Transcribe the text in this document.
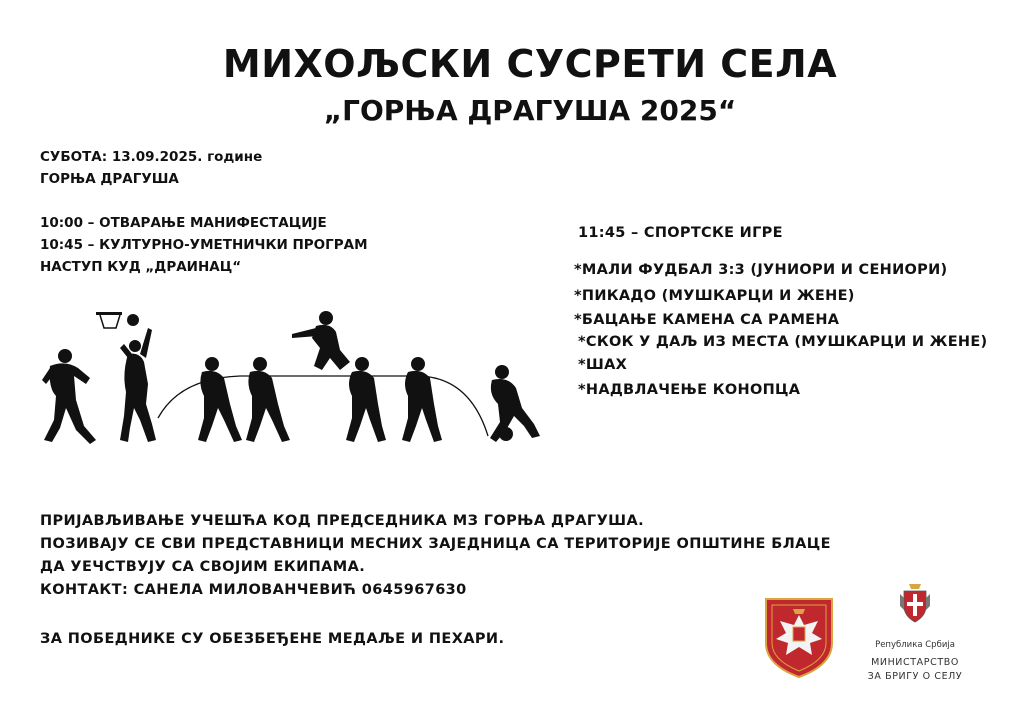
МИХОЉСКИ СУСРЕТИ СЕЛА
„ГОРЊА ДРАГУША 2025“
СУБОТА: 13.09.2025. године
ГОРЊА ДРАГУША
10:00 – ОТВАРАЊЕ МАНИФЕСТАЦИЈЕ
10:45 – КУЛТУРНО-УМЕТНИЧКИ ПРОГРАМ
НАСТУП КУД „ДРАИНАЦ“
11:45 – СПОРТСКЕ ИГРЕ
*МАЛИ ФУДБАЛ 3:3 (ЈУНИОРИ И СЕНИОРИ)
*ПИКАДО (МУШКАРЦИ И ЖЕНЕ)
*БАЦАЊЕ КАМЕНА СА РАМЕНА
*СКОК У ДАЉ ИЗ МЕСТА (МУШКАРЦИ И ЖЕНЕ)
*ШАХ
*НАДВЛАЧЕЊЕ КОНОПЦА
ПРИЈАВЉИВАЊЕ УЧЕШЋА КОД ПРЕДСЕДНИКА МЗ ГОРЊА ДРАГУША.
ПОЗИВАЈУ СЕ СВИ ПРЕДСТАВНИЦИ МЕСНИХ ЗАЈЕДНИЦА СА ТЕРИТОРИЈЕ ОПШТИНЕ БЛАЦЕ
ДА УЕЧСТВУЈУ СА СВОЈИМ ЕКИПАМА.
КОНТАКТ: САНЕЛА МИЛОВАНЧЕВИЋ 0645967630
ЗА ПОБЕДНИКЕ СУ ОБЕЗБЕЂЕНЕ МЕДАЉЕ И ПЕХАРИ.	Република Србија
МИНИСТАРСТВО
ЗА БРИГУ О СЕЛУ
